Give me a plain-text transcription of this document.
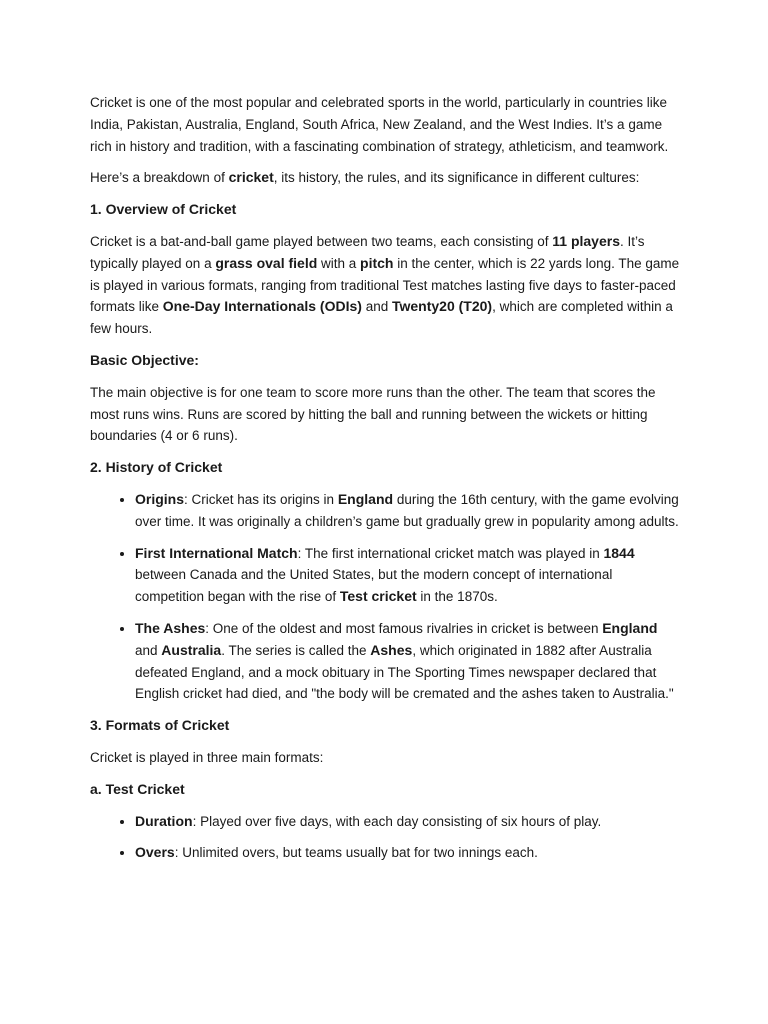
Cricket is one of the most popular and celebrated sports in the world, particularly in countries like India, Pakistan, Australia, England, South Africa, New Zealand, and the West Indies. It’s a game rich in history and tradition, with a fascinating combination of strategy, athleticism, and teamwork.

Here’s a breakdown of cricket, its history, the rules, and its significance in different cultures:

1. Overview of Cricket

Cricket is a bat-and-ball game played between two teams, each consisting of 11 players. It’s typically played on a grass oval field with a pitch in the center, which is 22 yards long. The game is played in various formats, ranging from traditional Test matches lasting five days to faster-paced formats like One-Day Internationals (ODIs) and Twenty20 (T20), which are completed within a few hours.

Basic Objective:

The main objective is for one team to score more runs than the other. The team that scores the most runs wins. Runs are scored by hitting the ball and running between the wickets or hitting boundaries (4 or 6 runs).

2. History of Cricket
• Origins: Cricket has its origins in England during the 16th century, with the game evolving over time. It was originally a children’s game but gradually grew in popularity among adults.
• First International Match: The first international cricket match was played in 1844 between Canada and the United States, but the modern concept of international competition began with the rise of Test cricket in the 1870s.
• The Ashes: One of the oldest and most famous rivalries in cricket is between England and Australia. The series is called the Ashes, which originated in 1882 after Australia defeated England, and a mock obituary in The Sporting Times newspaper declared that English cricket had died, and "the body will be cremated and the ashes taken to Australia."
3. Formats of Cricket

Cricket is played in three main formats:

a. Test Cricket
• Duration: Played over five days, with each day consisting of six hours of play.
• Overs: Unlimited overs, but teams usually bat for two innings each.
